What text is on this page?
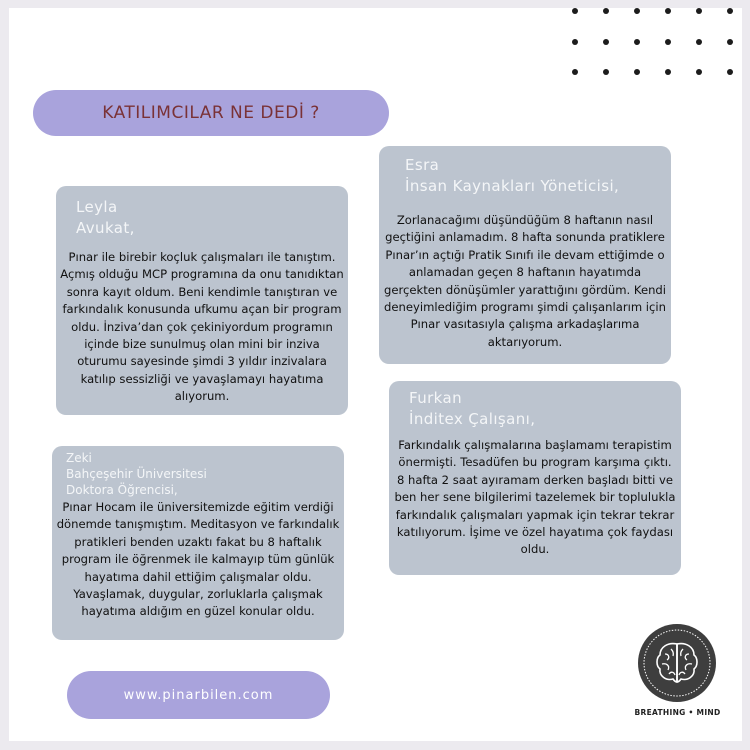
KATILIMCILAR NE DEDİ ?
Leyla
Avukat,
Pınar ile birebir koçluk çalışmaları ile tanıştım. Açmış olduğu MCP programına da onu tanıdıktan sonra kayıt oldum. Beni kendimle tanıştıran ve farkındalık konusunda ufkumu açan bir program oldu. İnziva’dan çok çekiniyordum programın içinde bize sunulmuş olan mini bir inziva oturumu sayesinde şimdi 3 yıldır inzivalara katılıp sessizliği ve yavaşlamayı hayatıma alıyorum.
Esra
İnsan Kaynakları Yöneticisi,
Zorlanacağımı düşündüğüm 8 haftanın nasıl geçtiğini anlamadım. 8 hafta sonunda pratiklere Pınar’ın açtığı Pratik Sınıfı ile devam ettiğimde o anlamadan geçen 8 haftanın hayatımda gerçekten dönüşümler yarattığını gördüm. Kendi deneyimlediğim programı şimdi çalışanlarım için Pınar vasıtasıyla çalışma arkadaşlarıma aktarıyorum.
Zeki
Bahçeşehir Üniversitesi
Doktora Öğrencisi,
Pınar Hocam ile üniversitemizde eğitim verdiği dönemde tanışmıştım. Meditasyon ve farkındalık pratikleri benden uzaktı fakat bu 8 haftalık program ile öğrenmek ile kalmayıp tüm günlük hayatıma dahil ettiğim çalışmalar oldu. Yavaşlamak, duygular, zorluklarla çalışmak hayatıma aldığım en güzel konular oldu.
Furkan
İnditex Çalışanı,
Farkındalık çalışmalarına başlamamı terapistim önermişti. Tesadüfen bu program karşıma çıktı. 8 hafta 2 saat ayıramam derken başladı bitti ve ben her sene bilgilerimi tazelemek bir toplulukla farkındalık çalışmaları yapmak için tekrar tekrar katılıyorum. İşime ve özel hayatıma çok faydası oldu.
www.pinarbilen.com
BREATHING • MIND
